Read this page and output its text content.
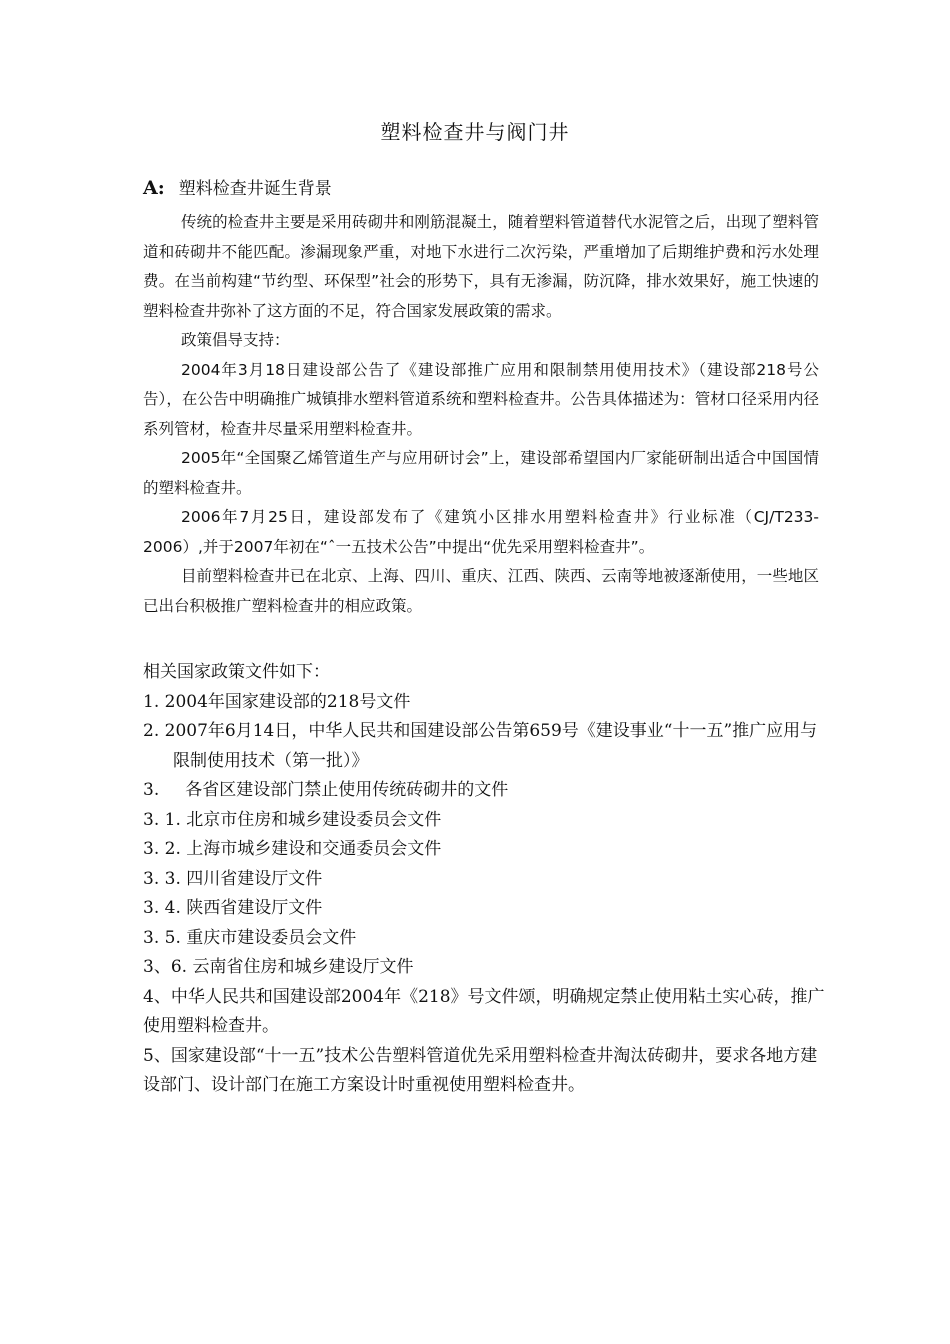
塑料检查井与阀门井
A: 塑料检查井诞生背景

传统的检查井主要是采用砖砌井和刚筋混凝土，随着塑料管道替代水泥管之后，出现了塑料管道和砖砌井不能匹配。渗漏现象严重，对地下水进行二次污染，严重增加了后期维护费和污水处理费。在当前构建“节约型、环保型”社会的形势下，具有无渗漏，防沉降，排水效果好，施工快速的塑料检查井弥补了这方面的不足，符合国家发展政策的需求。

政策倡导支持：

2004年3月18日建设部公告了《建设部推广应用和限制禁用使用技术》（建设部218号公告），在公告中明确推广城镇排水塑料管道系统和塑料检查井。公告具体描述为：管材口径采用内径系列管材，检查井尽量采用塑料检查井。

2005年“全国聚乙烯管道生产与应用研讨会”上，建设部希望国内厂家能研制出适合中国国情的塑料检查井。

2006年7月25日，建设部发布了《建筑小区排水用塑料检查井》行业标准（CJ/T233-2006）,并于2007年初在“ˆ一五技术公告”中提出“优先采用塑料检查井”。

目前塑料检查井已在北京、上海、四川、重庆、江西、陕西、云南等地被逐渐使用，一些地区已出台积极推广塑料检查井的相应政策。

相关国家政策文件如下：

1. 2004年国家建设部的218号文件

2. 2007年6月14日，中华人民共和国建设部公告第659号《建设事业“十一五”推广应用与限制使用技术（第一批）》

3. 各省区建设部门禁止使用传统砖砌井的文件

3. 1. 北京市住房和城乡建设委员会文件

3. 2. 上海市城乡建设和交通委员会文件

3. 3. 四川省建设厅文件

3. 4. 陕西省建设厅文件

3. 5. 重庆市建设委员会文件

3、6. 云南省住房和城乡建设厅文件

4、中华人民共和国建设部2004年《218》号文件颂，明确规定禁止使用粘土实心砖，推广使用塑料检查井。

5、国家建设部“十一五”技术公告塑料管道优先采用塑料检查井淘汰砖砌井，要求各地方建设部门、设计部门在施工方案设计时重视使用塑料检查井。
